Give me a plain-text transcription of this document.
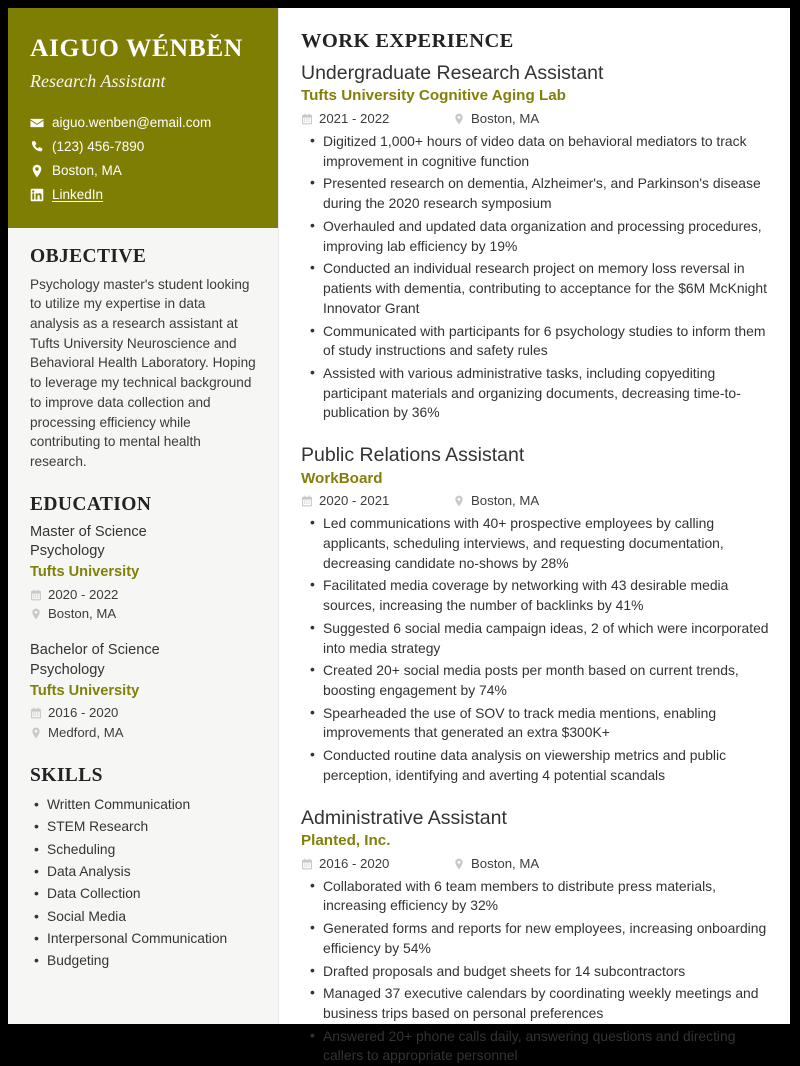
AIGUO WÉNBĚN
Research Assistant
aiguo.wenben@email.com
(123) 456-7890
Boston, MA
LinkedIn
OBJECTIVE

Psychology master's student looking to utilize my expertise in data analysis as a research assistant at Tufts University Neuroscience and Behavioral Health Laboratory. Hoping to leverage my technical background to improve data collection and processing efficiency while contributing to mental health research.

EDUCATION
Master of Science
Psychology
Tufts University
2020 - 2022
Boston, MA
Bachelor of Science
Psychology
Tufts University
2016 - 2020
Medford, MA
SKILLS
• Written Communication
• STEM Research
• Scheduling
• Data Analysis
• Data Collection
• Social Media
• Interpersonal Communication
• Budgeting
WORK EXPERIENCE
Undergraduate Research Assistant
Tufts University Cognitive Aging Lab
2021 - 2022	Boston, MA
• Digitized 1,000+ hours of video data on behavioral mediators to track improvement in cognitive function
• Presented research on dementia, Alzheimer's, and Parkinson's disease during the 2020 research symposium
• Overhauled and updated data organization and processing procedures, improving lab efficiency by 19%
• Conducted an individual research project on memory loss reversal in patients with dementia, contributing to acceptance for the $6M McKnight Innovator Grant
• Communicated with participants for 6 psychology studies to inform them of study instructions and safety rules
• Assisted with various administrative tasks, including copyediting participant materials and organizing documents, decreasing time-to-publication by 36%
Public Relations Assistant
WorkBoard
2020 - 2021	Boston, MA
• Led communications with 40+ prospective employees by calling applicants, scheduling interviews, and requesting documentation, decreasing candidate no-shows by 28%
• Facilitated media coverage by networking with 43 desirable media sources, increasing the number of backlinks by 41%
• Suggested 6 social media campaign ideas, 2 of which were incorporated into media strategy
• Created 20+ social media posts per month based on current trends, boosting engagement by 74%
• Spearheaded the use of SOV to track media mentions, enabling improvements that generated an extra $300K+
• Conducted routine data analysis on viewership metrics and public perception, identifying and averting 4 potential scandals
Administrative Assistant
Planted, Inc.
2016 - 2020	Boston, MA
• Collaborated with 6 team members to distribute press materials, increasing efficiency by 32%
• Generated forms and reports for new employees, increasing onboarding efficiency by 54%
• Drafted proposals and budget sheets for 14 subcontractors
• Managed 37 executive calendars by coordinating weekly meetings and business trips based on personal preferences
• Answered 20+ phone calls daily, answering questions and directing callers to appropriate personnel
